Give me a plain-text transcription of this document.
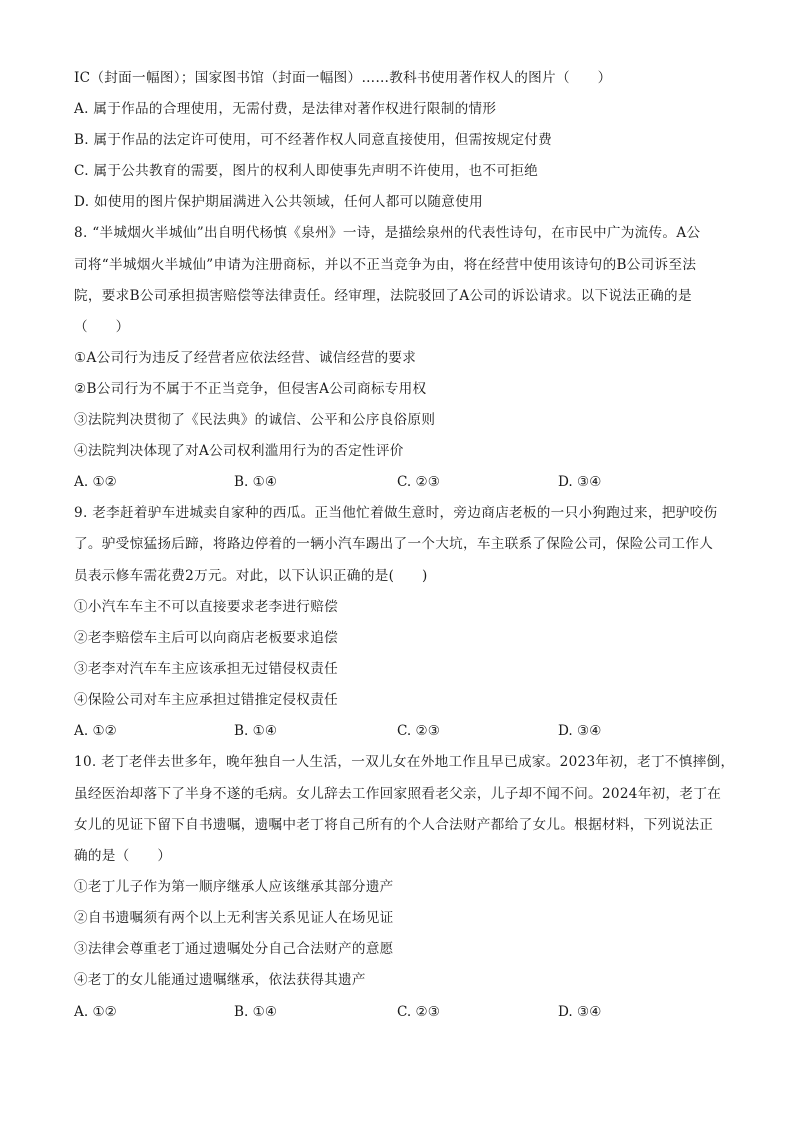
IC（封面一幅图）；国家图书馆（封面一幅图）……教科书使用著作权人的图片（　　）
A. 属于作品的合理使用，无需付费，是法律对著作权进行限制的情形
B. 属于作品的法定许可使用，可不经著作权人同意直接使用，但需按规定付费
C. 属于公共教育的需要，图片的权利人即使事先声明不许使用，也不可拒绝
D. 如使用的图片保护期届满进入公共领域，任何人都可以随意使用
8. “半城烟火半城仙”出自明代杨慎《泉州》一诗，是描绘泉州的代表性诗句，在市民中广为流传。A公
司将“半城烟火半城仙”申请为注册商标，并以不正当竞争为由，将在经营中使用该诗句的B公司诉至法
院，要求B公司承担损害赔偿等法律责任。经审理，法院驳回了A公司的诉讼请求。以下说法正确的是
（　　）
①A公司行为违反了经营者应依法经营、诚信经营的要求
②B公司行为不属于不正当竞争，但侵害A公司商标专用权
③法院判决贯彻了《民法典》的诚信、公平和公序良俗原则
④法院判决体现了对A公司权利滥用行为的否定性评价
A. ①②	B. ①④	C. ②③	D. ③④
9. 老李赶着驴车进城卖自家种的西瓜。正当他忙着做生意时，旁边商店老板的一只小狗跑过来，把驴咬伤
了。驴受惊猛扬后蹄，将路边停着的一辆小汽车踢出了一个大坑，车主联系了保险公司，保险公司工作人
员表示修车需花费2万元。对此，以下认识正确的是(　　)
①小汽车车主不可以直接要求老李进行赔偿
②老李赔偿车主后可以向商店老板要求追偿
③老李对汽车车主应该承担无过错侵权责任
④保险公司对车主应承担过错推定侵权责任
A. ①②	B. ①④	C. ②③	D. ③④
10. 老丁老伴去世多年，晚年独自一人生活，一双儿女在外地工作且早已成家。2023年初，老丁不慎摔倒，
虽经医治却落下了半身不遂的毛病。女儿辞去工作回家照看老父亲，儿子却不闻不问。2024年初，老丁在
女儿的见证下留下自书遗嘱，遗嘱中老丁将自己所有的个人合法财产都给了女儿。根据材料，下列说法正
确的是（　　）
①老丁儿子作为第一顺序继承人应该继承其部分遗产
②自书遗嘱须有两个以上无利害关系见证人在场见证
③法律会尊重老丁通过遗嘱处分自己合法财产的意愿
④老丁的女儿能通过遗嘱继承，依法获得其遗产
A. ①②	B. ①④	C. ②③	D. ③④
